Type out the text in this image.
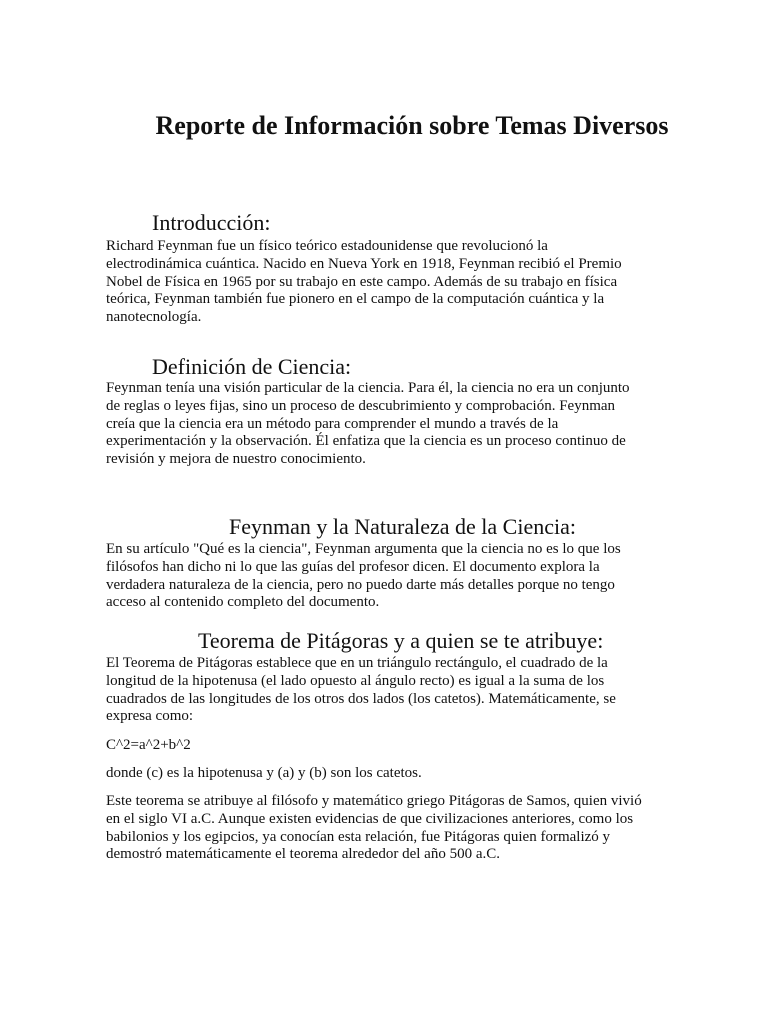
Reporte de Información sobre Temas Diversos
Introducción:

Richard Feynman fue un físico teórico estadounidense que revolucionó la electrodinámica cuántica. Nacido en Nueva York en 1918, Feynman recibió el Premio Nobel de Física en 1965 por su trabajo en este campo. Además de su trabajo en física teórica, Feynman también fue pionero en el campo de la computación cuántica y la nanotecnología.

Definición de Ciencia:

Feynman tenía una visión particular de la ciencia. Para él, la ciencia no era un conjunto de reglas o leyes fijas, sino un proceso de descubrimiento y comprobación. Feynman creía que la ciencia era un método para comprender el mundo a través de la experimentación y la observación. Él enfatiza que la ciencia es un proceso continuo de revisión y mejora de nuestro conocimiento.

Feynman y la Naturaleza de la Ciencia:

En su artículo "Qué es la ciencia", Feynman argumenta que la ciencia no es lo que los filósofos han dicho ni lo que las guías del profesor dicen. El documento explora la verdadera naturaleza de la ciencia, pero no puedo darte más detalles porque no tengo acceso al contenido completo del documento.

Teorema de Pitágoras y a quien se te atribuye:

El Teorema de Pitágoras establece que en un triángulo rectángulo, el cuadrado de la longitud de la hipotenusa (el lado opuesto al ángulo recto) es igual a la suma de los cuadrados de las longitudes de los otros dos lados (los catetos). Matemáticamente, se expresa como:

C^2=a^2+b^2

donde (c) es la hipotenusa y (a) y (b) son los catetos.

Este teorema se atribuye al filósofo y matemático griego Pitágoras de Samos, quien vivió en el siglo VI a.C. Aunque existen evidencias de que civilizaciones anteriores, como los babilonios y los egipcios, ya conocían esta relación, fue Pitágoras quien formalizó y demostró matemáticamente el teorema alrededor del año 500 a.C.
